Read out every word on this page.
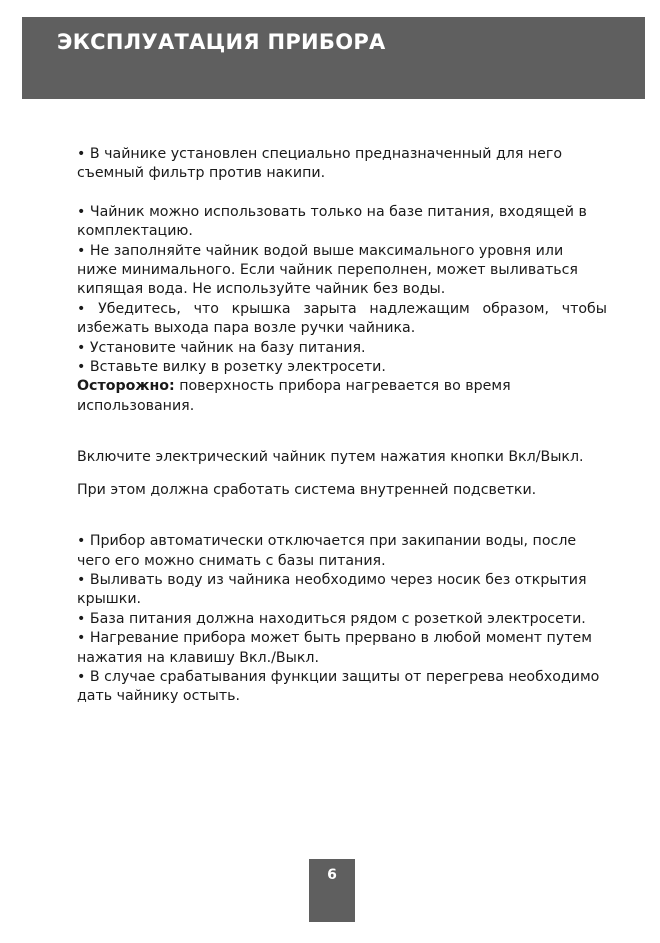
ЭКСПЛУАТАЦИЯ ПРИБОРА

• В чайнике установлен специально предназначенный для него съемный фильтр против накипи.

• Чайник можно использовать только на базе питания, входящей в комплектацию.

• Не заполняйте чайник водой выше максимального уровня или ниже минимального. Если чайник переполнен, может выливаться кипящая вода. Не используйте чайник без воды.

• Убедитесь, что крышка зарыта надлежащим образом, чтобы избежать выхода пара возле ручки чайника.

• Установите чайник на базу питания.

• Вставьте вилку в розетку электросети.

Осторожно: поверхность прибора нагревается во время использования.

Включите электрический чайник путем нажатия кнопки Вкл/Выкл.

При этом должна сработать система внутренней подсветки.

• Прибор автоматически отключается при закипании воды, после чего его можно снимать с базы питания.

• Выливать воду из чайника необходимо через носик без открытия крышки.

• База питания должна находиться рядом с розеткой электросети.

• Нагревание прибора может быть прервано в любой момент путем нажатия на клавишу Вкл./Выкл.

• В случае срабатывания функции защиты от перегрева необходимо дать чайнику остыть.

6
